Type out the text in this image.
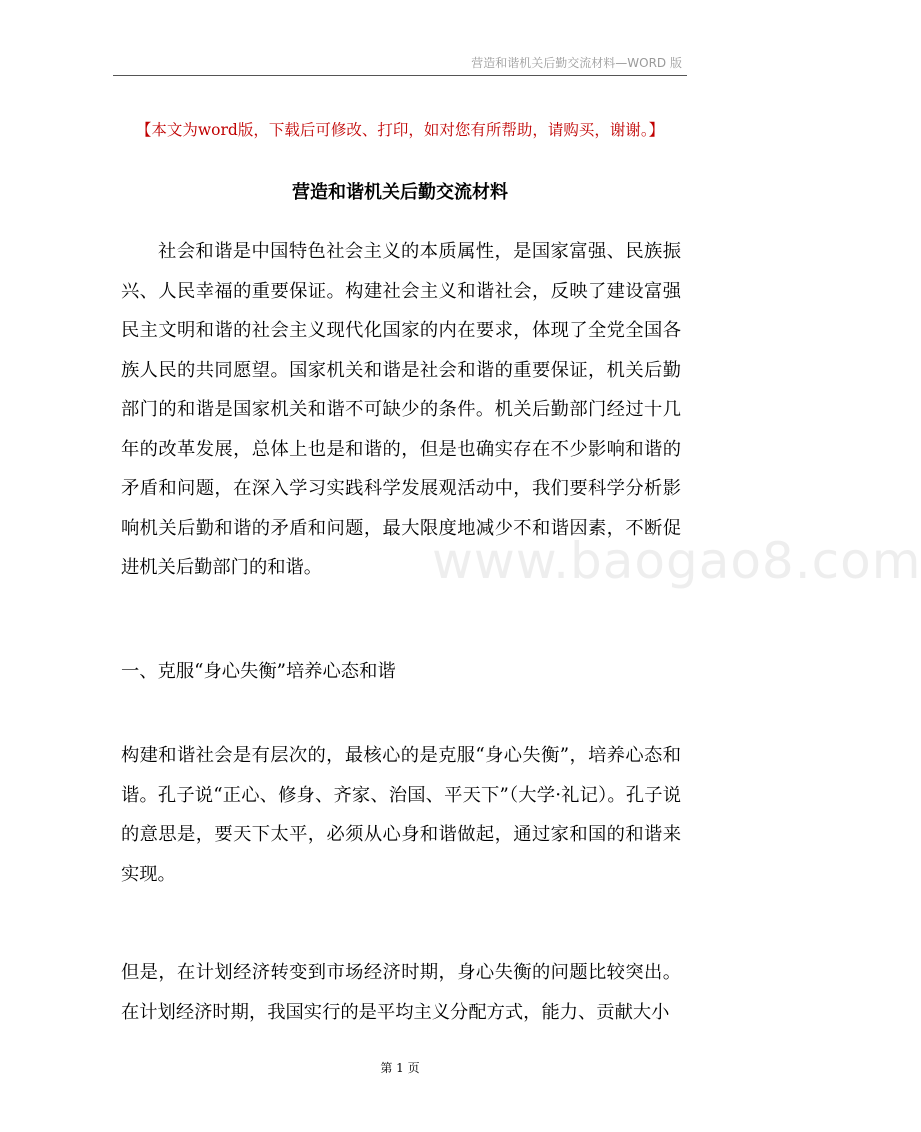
营造和谐机关后勤交流材料—WORD 版
【本文为word版，下载后可修改、打印，如对您有所帮助，请购买，谢谢。】
营造和谐机关后勤交流材料
社会和谐是中国特色社会主义的本质属性，是国家富强、民族振兴、人民幸福的重要保证。构建社会主义和谐社会，反映了建设富强民主文明和谐的社会主义现代化国家的内在要求，体现了全党全国各族人民的共同愿望。国家机关和谐是社会和谐的重要保证，机关后勤部门的和谐是国家机关和谐不可缺少的条件。机关后勤部门经过十几年的改革发展，总体上也是和谐的，但是也确实存在不少影响和谐的矛盾和问题，在深入学习实践科学发展观活动中，我们要科学分析影响机关后勤和谐的矛盾和问题，最大限度地减少不和谐因素，不断促进机关后勤部门的和谐。
一、克服“身心失衡”培养心态和谐
构建和谐社会是有层次的，最核心的是克服“身心失衡”，培养心态和谐。孔子说“正心、修身、齐家、治国、平天下”（大学·礼记）。孔子说的意思是，要天下太平，必须从心身和谐做起，通过家和国的和谐来实现。
但是，在计划经济转变到市场经济时期，身心失衡的问题比较突出。在计划经济时期，我国实行的是平均主义分配方式，能力、贡献大小
www.baogao8.com
第 1 页
